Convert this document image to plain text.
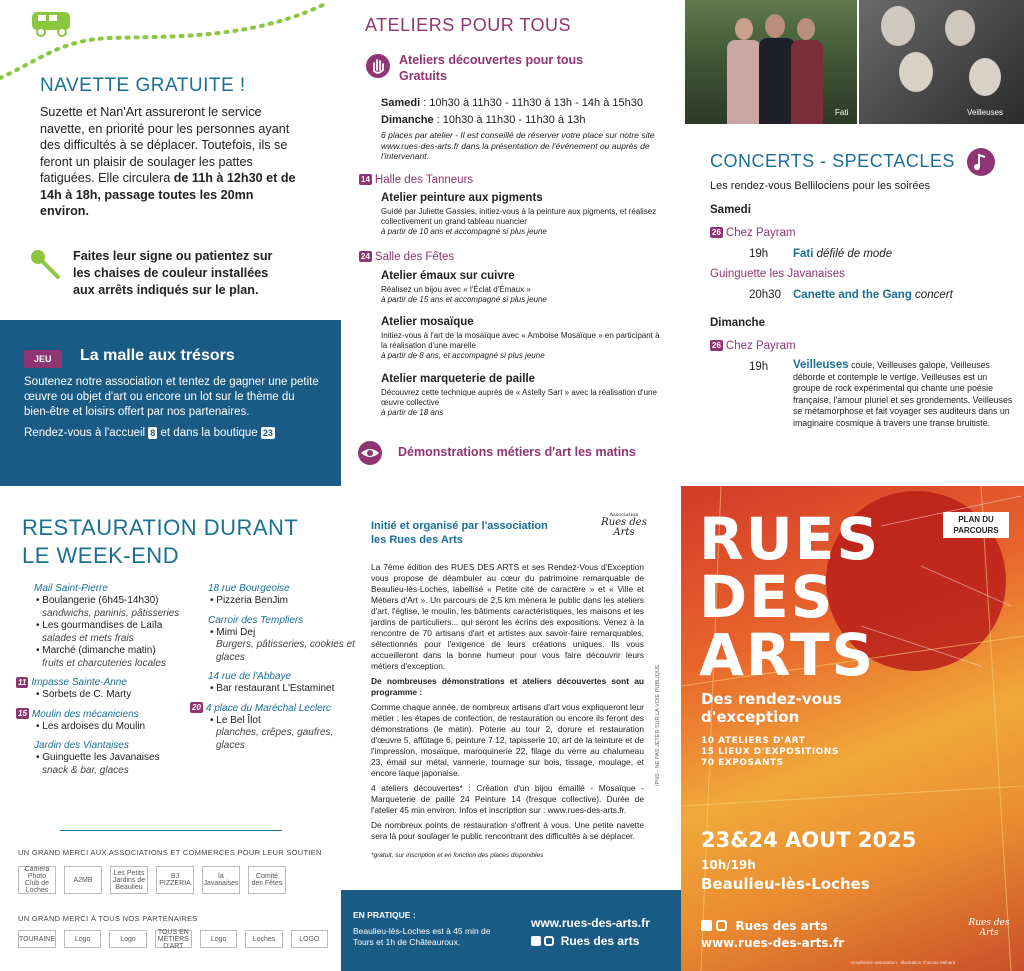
NAVETTE GRATUITE !
Suzette et Nan'Art assureront le service navette, en priorité pour les personnes ayant des difficultés à se déplacer. Toutefois, ils se feront un plaisir de soulager les pattes fatiguées. Elle circulera de 11h à 12h30 et de 14h à 18h, passage toutes les 20mn environ.
Faites leur signe ou patientez sur les chaises de couleur installées aux arrêts indiqués sur le plan.
JEU	La malle aux trésors
Soutenez notre association et tentez de gagner une petite œuvre ou objet d'art ou encore un lot sur le thème du bien-être et loisirs offert par nos partenaires.
Rendez-vous à l'accueil 8 et dans la boutique 23
RESTAURATION DURANT
LE WEEK-END
Mail Saint-Pierre
• Boulangerie (6h45-14h30)
sandwichs, paninis, pâtisseries
• Les gourmandises de Laïla
salades et mets frais
• Marché (dimanche matin)
fruits et charcuteries locales
11 Impasse Sainte-Anne
• Sorbets de C. Marty
15 Moulin des mécaniciens
• Les ardoises du Moulin
Jardin des Viantaises
• Guinguette les Javanaises
snack & bar, glaces
18 rue Bourgeoise
• Pizzeria BenJim
Carroir des Templiers
• Mimi Dej
Burgers, pâtisseries, cookies et glaces
14 rue de l'Abbaye
• Bar restaurant L'Estaminet
20 4 place du Maréchal Leclerc
• Le Bel Îlot
planches, crêpes, gaufres, glaces
UN GRAND MERCI AUX ASSOCIATIONS ET COMMERCES POUR LEUR SOUTIEN
Camera Photo Club de Loches
A2MB
Les Petits Jardins de Beaulieu
BJ PIZZERIA
la Javanaises
Comité des Fêtes
UN GRAND MERCI À TOUS NOS PARTENAIRES
TOURAINE	Logo	Logo
TOUS EN MÉTIERS D'ART
Logo	Loches	LOGO
ATELIERS POUR TOUS
Ateliers découvertes pour tous
Gratuits
Samedi : 10h30 à 11h30 - 11h30 à 13h - 14h à 15h30
Dimanche : 10h30 à 11h30 - 11h30 à 13h
6 places par atelier - Il est conseillé de réserver votre place sur notre site www.rues-des-arts.fr dans la présentation de l'événement ou auprès de l'intervenant.
14 Halle des Tanneurs
Atelier peinture aux pigments
Guidé par Juliette Gassies, initiez-vous à la peinture aux pigments, et réalisez collectivement un grand tableau nuancier
à partir de 10 ans et accompagné si plus jeune
24 Salle des Fêtes
Atelier émaux sur cuivre
Réalisez un bijou avec « l'Éclat d'Émaux »
à partir de 15 ans et accompagné si plus jeune
Atelier mosaïque
Initiez-vous à l'art de la mosaïque avec « Amboise Mosaïque » en participant à la réalisation d'une marelle
à partir de 8 ans, et accompagné si plus jeune
Atelier marqueterie de paille
Découvrez cette technique auprès de « Astelly Sart » avec la réalisation d'une œuvre collective
à partir de 18 ans
Démonstrations métiers d'art les matins
Initié et organisé par l'association
les Rues des Arts
Association
Rues des Arts

La 7ème édition des RUES DES ARTS et ses Rendez-Vous d'Exception vous propose de déambuler au cœur du patrimoine remarquable de Beaulieu-lès-Loches, labellisé « Petite cité de caractère » et « Ville et Métiers d'Art ». Un parcours de 2,5 km mènera le public dans les ateliers d'art, l'église, le moulin, les bâtiments caractéristiques, les maisons et les jardins de particuliers... qui seront les écrins des expositions. Venez à la rencontre de 70 artisans d'art et artistes aux savoir-faire remarquables, sélectionnés pour l'exigence de leurs créations uniques. Ils vous accueilleront dans la bonne humeur pour vous faire découvrir leurs métiers d'exception.

De nombreuses démonstrations et ateliers découvertes sont au programme :

Comme chaque année, de nombreux artisans d'art vous expliqueront leur métier ; les étapes de confection, de restauration ou encore ils feront des démonstrations (le matin). Poterie au tour 2, dorure et restauration d'œuvre 5, affûtage 6, peinture 7 12, tapisserie 10, art de la teinture et de l'impression, mosaïque, maroquinerie 22, filage du verre au chalumeau 23, émail sur métal, vannerie, tournage sur bois, tissage, moulage, et encore laque japonaise.

4 ateliers découvertes* : Création d'un bijou émaillé - Mosaïque - Marqueterie de paille 24 Peinture 14 (fresque collective). Durée de l'atelier 45 min environ. Infos et inscription sur : www.rues-des-arts.fr.

De nombreux points de restauration s'offrent à vous. Une petite navette sera là pour soulager le public rencontrant des difficultés à se déplacer.

*gratuit, sur inscription et en fonction des places disponibles

IPNS - NE PAS JETER SUR LA VOIE PUBLIQUE
EN PRATIQUE :
Beaulieu-lès-Loches est à 45 min de Tours et 1h de Châteauroux.
www.rues-des-arts.fr
Rues des arts
Fati	Veilleuses
CONCERTS - SPECTACLES
Les rendez-vous Bellilociens pour les soirées
Samedi
26 Chez Payram
19h Fati défilé de mode
Guinguette les Javanaises
20h30 Canette and the Gang concert
Dimanche
26 Chez Payram
19h Veilleuses coule, Veilleuses galope, Veilleuses déborde et contemple le vertige. Veilleuses est un groupe de rock expérimental qui chante une poésie française, l'amour pluriel et ses grondements. Veilleuses se métamorphose et fait voyager ses auditeurs dans un imaginaire cosmique à travers une transe bruitiste.
PLAN DU
PARCOURS
RUES
DES
ARTS
Des rendez-vous
d'exception
10 ATELIERS D'ART
15 LIEUX D'EXPOSITIONS
70 EXPOSANTS
23&24 AOUT 2025
10h/19h
Beaulieu-lès-Loches
Rues des arts
www.rues-des-arts.fr
Rues des Arts
Graphisme association · Illustration Thomas Ménard
